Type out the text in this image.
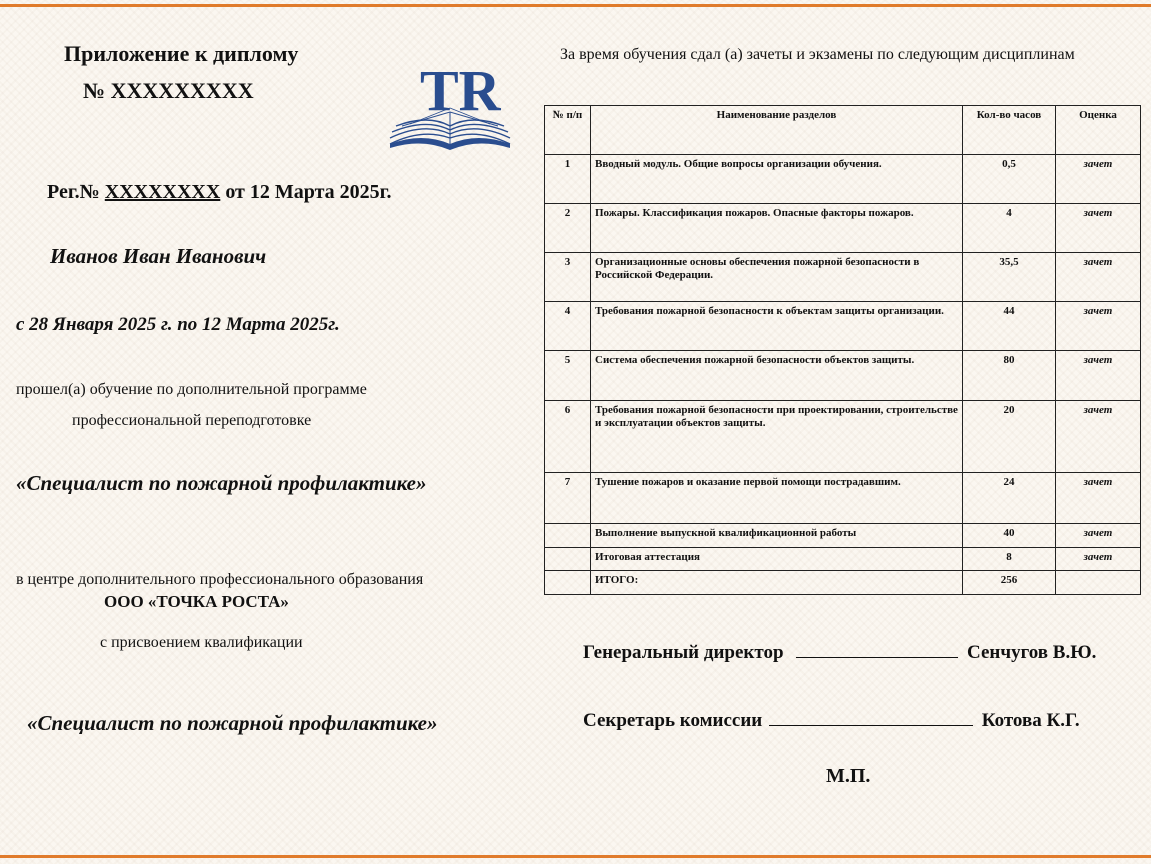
Приложение к диплому
№ XXXXXXXXX	TR
Рег.№ XXXXXXXX от 12 Марта 2025г.
Иванов Иван Иванович
с 28 Января 2025 г. по 12 Марта 2025г.
прошел(а) обучение по дополнительной программе
профессиональной переподготовке
«Специалист по пожарной профилактике»
в центре дополнительного профессионального образования
ООО «ТОЧКА РОСТА»
с присвоением квалификации
«Специалист по пожарной профилактике»
За время обучения сдал (а) зачеты и экзамены по следующим дисциплинам
№ п/п	Наименование разделов	Кол-во часов	Оценка
1	Вводный модуль. Общие вопросы организации обучения.	0,5	зачет
2	Пожары. Классификация пожаров. Опасные факторы пожаров.	4	зачет
3	Организационные основы обеспечения пожарной безопасности в Российской Федерации.	35,5	зачет
4	Требования пожарной безопасности к объектам защиты организации.	44	зачет
5	Система обеспечения пожарной безопасности объектов защиты.	80	зачет
6	Требования пожарной безопасности при проектировании, строительстве и эксплуатации объектов защиты.	20	зачет
7	Тушение пожаров и оказание первой помощи пострадавшим.	24	зачет
	Выполнение выпускной квалификационной работы	40	зачет
	Итоговая аттестация	8	зачет
	ИТОГО:	256	
Генеральный директор	Сенчугов В.Ю.
Секретарь комиссии	Котова К.Г.
М.П.
